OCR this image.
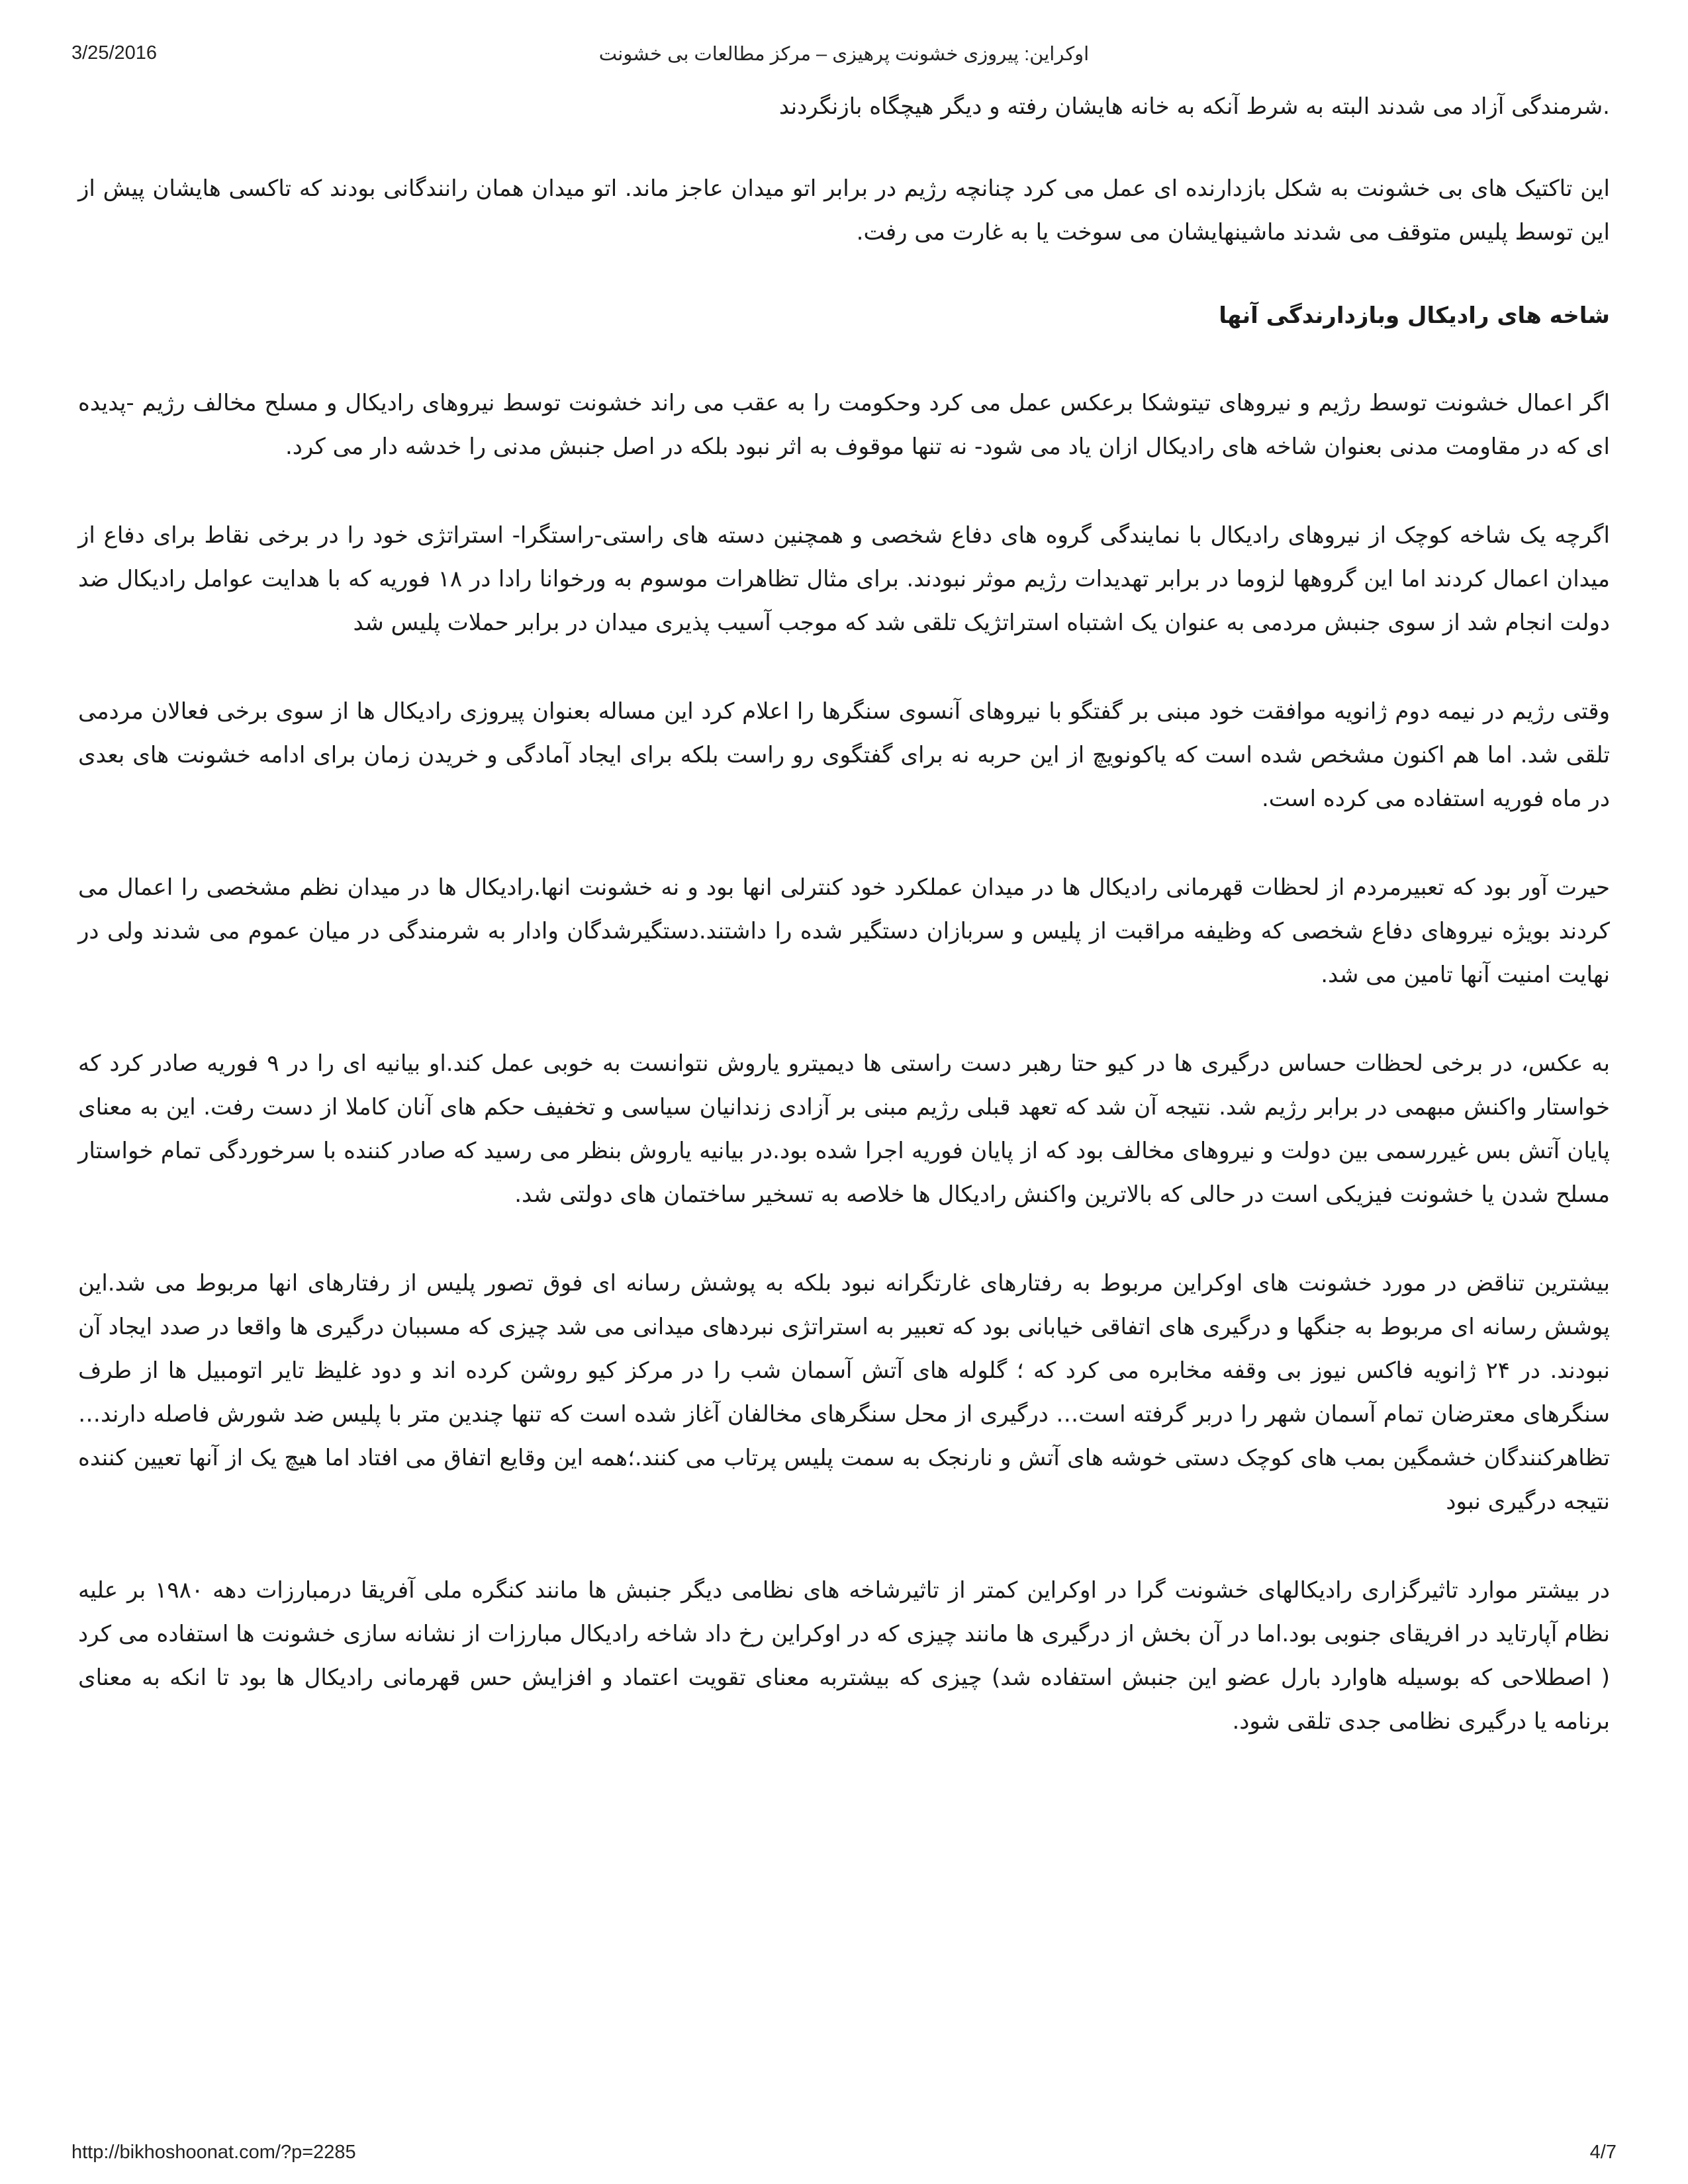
3/25/2016	اوکراین: پیروزی خشونت پرهیزی – مرکز مطالعات بی خشونت

.شرمندگی آزاد می شدند البته به شرط آنکه به خانه هایشان رفته و دیگر هیچگاه بازنگردند

این تاکتیک های بی خشونت به شکل بازدارنده ای عمل می کرد چنانچه رژیم در برابر اتو میدان عاجز ماند. اتو میدان همان رانندگانی بودند که تاکسی هایشان پیش از این توسط پلیس متوقف می شدند ماشینهایشان می سوخت یا به غارت می رفت.

شاخه های رادیکال وبازدارندگی آنها

اگر اعمال خشونت توسط رژیم و نیروهای تیتوشکا برعکس عمل می کرد وحکومت را به عقب می راند خشونت توسط نیروهای رادیکال و مسلح مخالف رژیم -پدیده ای که در مقاومت مدنی بعنوان شاخه های رادیکال ازان یاد می شود- نه تنها موقوف به اثر نبود بلکه در اصل جنبش مدنی را خدشه دار می کرد.

اگرچه یک شاخه کوچک از نیروهای رادیکال با نمایندگی گروه های دفاع شخصی و همچنین دسته های راستی-راستگرا- استراتژی خود را در برخی نقاط برای دفاع از میدان اعمال کردند اما این گروهها لزوما در برابر تهدیدات رژیم موثر نبودند. برای مثال تظاهرات موسوم به ورخوانا رادا در ۱۸ فوریه که با هدایت عوامل رادیکال ضد دولت انجام شد از سوی جنبش مردمی به عنوان یک اشتباه استراتژیک تلقی شد که موجب آسیب پذیری میدان در برابر حملات پلیس شد

وقتی رژیم در نیمه دوم ژانویه موافقت خود مبنی بر گفتگو با نیروهای آنسوی سنگرها را اعلام کرد این مساله بعنوان پیروزی رادیکال ها از سوی برخی فعالان مردمی تلقی شد. اما هم اکنون مشخص شده است که یاکونویچ از این حربه نه برای گفتگوی رو راست بلکه برای ایجاد آمادگی و خریدن زمان برای ادامه خشونت های بعدی در ماه فوریه استفاده می کرده است.

حیرت آور بود که تعبیرمردم از لحظات قهرمانی رادیکال ها در میدان عملکرد خود کنترلی انها بود و نه خشونت انها.رادیکال ها در میدان نظم مشخصی را اعمال می کردند بویژه نیروهای دفاع شخصی که وظیفه مراقبت از پلیس و سربازان دستگیر شده را داشتند.دستگیرشدگان وادار به شرمندگی در میان عموم می شدند ولی در نهایت امنیت آنها تامین می شد.

به عکس، در برخی لحظات حساس درگیری ها در کیو حتا رهبر دست راستی ها دیمیترو یاروش نتوانست به خوبی عمل کند.او بیانیه ای را در ۹ فوریه صادر کرد که خواستار واکنش مبهمی در برابر رژیم شد. نتیجه آن شد که تعهد قبلی رژیم مبنی بر آزادی زندانیان سیاسی و تخفیف حکم های آنان کاملا از دست رفت. این به معنای پایان آتش بس غیررسمی بین دولت و نیروهای مخالف بود که از پایان فوریه اجرا شده بود.در بیانیه یاروش بنظر می رسید که صادر کننده با سرخوردگی تمام خواستار مسلح شدن یا خشونت فیزیکی است در حالی که بالاترین واکنش رادیکال ها خلاصه به تسخیر ساختمان های دولتی شد.

بیشترین تناقض در مورد خشونت های اوکراین مربوط به رفتارهای غارتگرانه نبود بلکه به پوشش رسانه ای فوق تصور پلیس از رفتارهای انها مربوط می شد.این پوشش رسانه ای مربوط به جنگها و درگیری های اتفاقی خیابانی بود که تعبیر به استراتژی نبردهای میدانی می شد چیزی که مسببان درگیری ها واقعا در صدد ایجاد آن نبودند. در ۲۴ ژانویه فاکس نیوز بی وقفه مخابره می کرد که ؛ گلوله های آتش آسمان شب را در مرکز کیو روشن کرده اند و دود غلیظ تایر اتومبیل ها از طرف سنگرهای معترضان تمام آسمان شهر را دربر گرفته است… درگیری از محل سنگرهای مخالفان آغاز شده است که تنها چندین متر با پلیس ضد شورش فاصله دارند…تظاهرکنندگان خشمگین بمب های کوچک دستی خوشه های آتش و نارنجک به سمت پلیس پرتاب می کنند.؛همه این وقایع اتفاق می افتاد اما هیچ یک از آنها تعیین کننده نتیجه درگیری نبود

در بیشتر موارد تاثیرگزاری رادیکالهای خشونت گرا در اوکراین کمتر از تاثیرشاخه های نظامی دیگر جنبش ها مانند کنگره ملی آفریقا درمبارزات دهه ۱۹۸۰ بر علیه نظام آپارتاید در افریقای جنوبی بود.اما در آن بخش از درگیری ها مانند چیزی که در اوکراین رخ داد شاخه رادیکال مبارزات از نشانه سازی خشونت ها استفاده می کرد ( اصطلاحی که بوسیله هاوارد بارل عضو این جنبش استفاده شد) چیزی که بیشتربه معنای تقویت اعتماد و افزایش حس قهرمانی رادیکال ها بود تا انکه به معنای برنامه یا درگیری نظامی جدی تلقی شود.

http://bikhoshoonat.com/?p=2285	4/7
